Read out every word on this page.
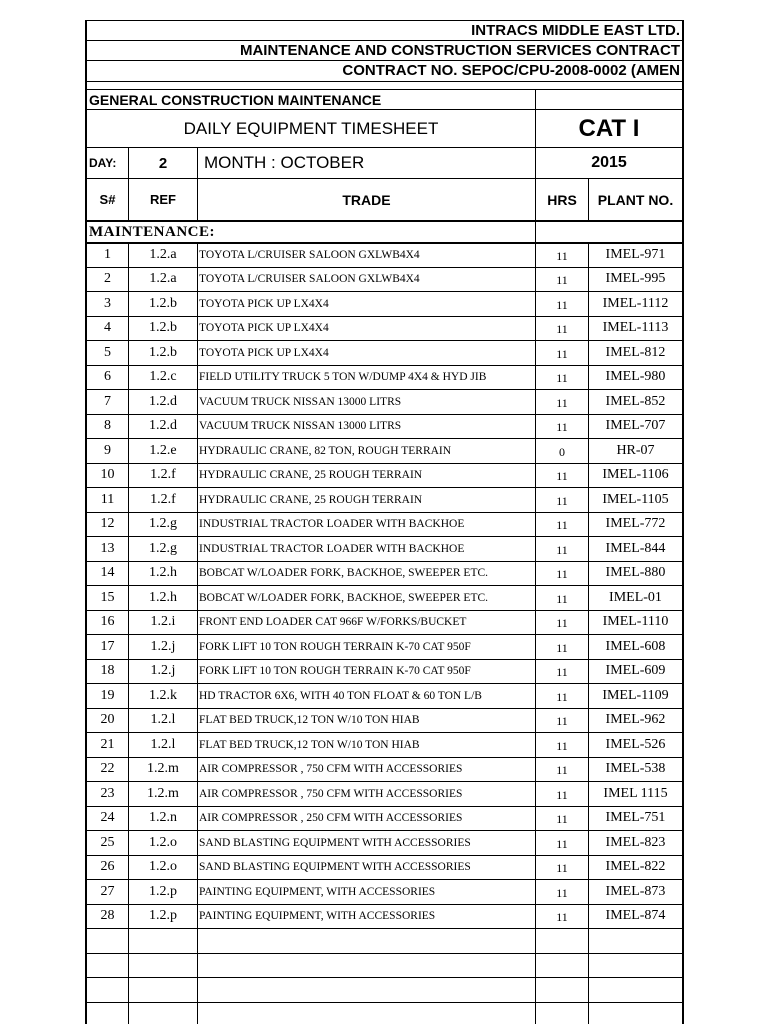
INTRACS MIDDLE EAST LTD.
MAINTENANCE AND CONSTRUCTION SERVICES CONTRACT
CONTRACT NO. SEPOC/CPU-2008-0002 (AMEN
GENERAL CONSTRUCTION MAINTENANCE
DAILY EQUIPMENT TIMESHEET	CAT I
DAY:	2	MONTH : OCTOBER	2015
S#	REF	TRADE	HRS	PLANT NO.
MAINTENANCE:
1	1.2.a	TOYOTA L/CRUISER SALOON GXLWB4X4	11	IMEL-971
2	1.2.a	TOYOTA L/CRUISER SALOON GXLWB4X4	11	IMEL-995
3	1.2.b	TOYOTA PICK UP LX4X4	11	IMEL-1112
4	1.2.b	TOYOTA PICK UP LX4X4	11	IMEL-1113
5	1.2.b	TOYOTA PICK UP LX4X4	11	IMEL-812
6	1.2.c	FIELD UTILITY TRUCK 5 TON W/DUMP 4X4 & HYD JIB	11	IMEL-980
7	1.2.d	VACUUM TRUCK NISSAN 13000 LITRS	11	IMEL-852
8	1.2.d	VACUUM TRUCK NISSAN 13000 LITRS	11	IMEL-707
9	1.2.e	HYDRAULIC CRANE, 82 TON, ROUGH TERRAIN	0	HR-07
10	1.2.f	HYDRAULIC CRANE, 25 ROUGH TERRAIN	11	IMEL-1106
11	1.2.f	HYDRAULIC CRANE, 25 ROUGH TERRAIN	11	IMEL-1105
12	1.2.g	INDUSTRIAL TRACTOR LOADER WITH BACKHOE	11	IMEL-772
13	1.2.g	INDUSTRIAL TRACTOR LOADER WITH BACKHOE	11	IMEL-844
14	1.2.h	BOBCAT W/LOADER FORK, BACKHOE, SWEEPER ETC.	11	IMEL-880
15	1.2.h	BOBCAT W/LOADER FORK, BACKHOE, SWEEPER ETC.	11	IMEL-01
16	1.2.i	FRONT END LOADER CAT 966F W/FORKS/BUCKET	11	IMEL-1110
17	1.2.j	FORK LIFT 10 TON ROUGH TERRAIN K-70 CAT 950F	11	IMEL-608
18	1.2.j	FORK LIFT 10 TON ROUGH TERRAIN K-70 CAT 950F	11	IMEL-609
19	1.2.k	HD TRACTOR 6X6, WITH 40 TON FLOAT & 60 TON L/B	11	IMEL-1109
20	1.2.l	FLAT BED TRUCK,12 TON W/10 TON HIAB	11	IMEL-962
21	1.2.l	FLAT BED TRUCK,12 TON W/10 TON HIAB	11	IMEL-526
22	1.2.m	AIR COMPRESSOR , 750 CFM WITH ACCESSORIES	11	IMEL-538
23	1.2.m	AIR COMPRESSOR , 750 CFM WITH ACCESSORIES	11	IMEL 1115
24	1.2.n	AIR COMPRESSOR , 250 CFM WITH ACCESSORIES	11	IMEL-751
25	1.2.o	SAND BLASTING EQUIPMENT WITH ACCESSORIES	11	IMEL-823
26	1.2.o	SAND BLASTING EQUIPMENT WITH ACCESSORIES	11	IMEL-822
27	1.2.p	PAINTING EQUIPMENT, WITH ACCESSORIES	11	IMEL-873
28	1.2.p	PAINTING EQUIPMENT, WITH ACCESSORIES	11	IMEL-874
